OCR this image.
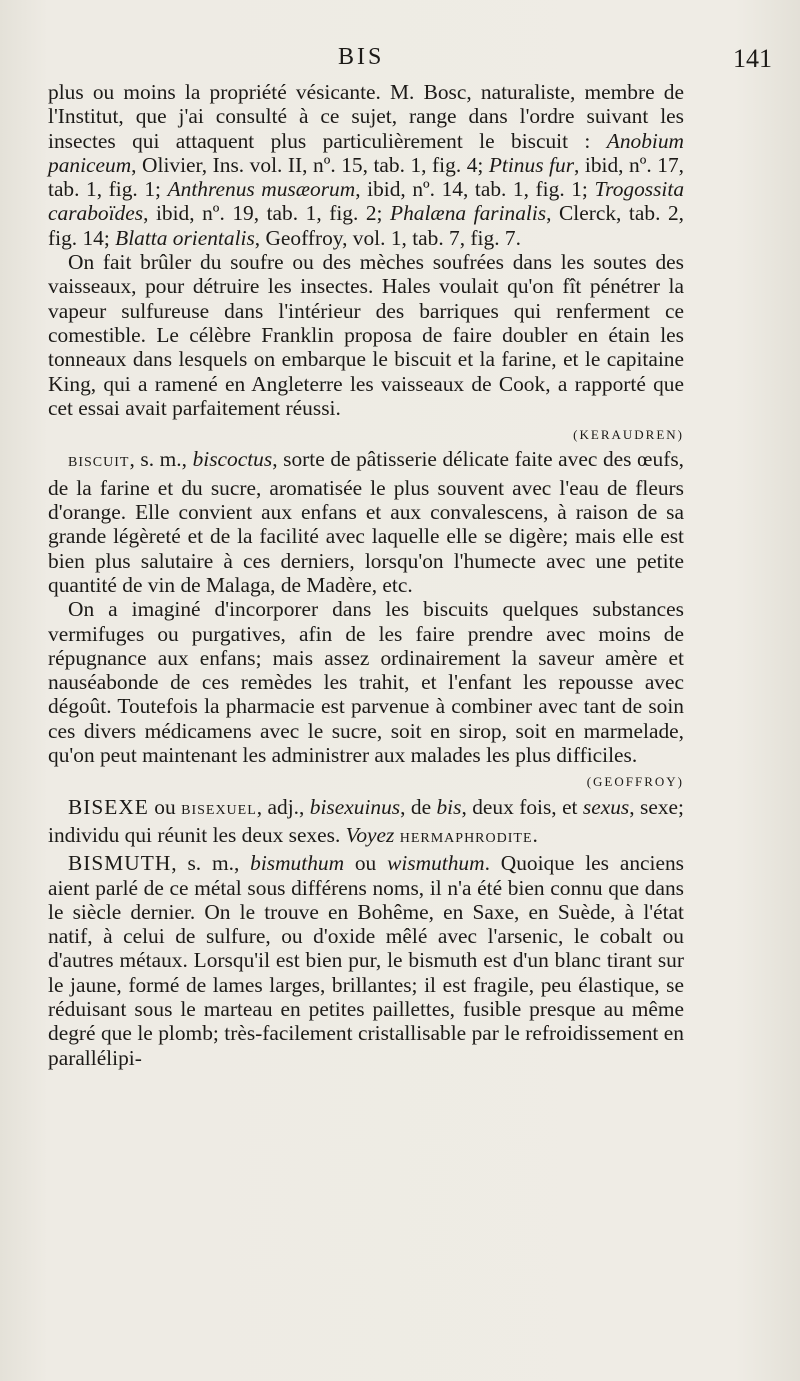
BIS	141

plus ou moins la propriété vésicante. M. Bosc, naturaliste, membre de l'Institut, que j'ai consulté à ce sujet, range dans l'ordre suivant les insectes qui attaquent plus particulièrement le biscuit : Anobium paniceum, Olivier, Ins. vol. II, nº. 15, tab. 1, fig. 4; Ptinus fur, ibid, nº. 17, tab. 1, fig. 1; Anthrenus musæorum, ibid, nº. 14, tab. 1, fig. 1; Trogossita caraboïdes, ibid, nº. 19, tab. 1, fig. 2; Phalæna farinalis, Clerck, tab. 2, fig. 14; Blatta orientalis, Geoffroy, vol. 1, tab. 7, fig. 7.

On fait brûler du soufre ou des mèches soufrées dans les soutes des vaisseaux, pour détruire les insectes. Hales voulait qu'on fît pénétrer la vapeur sulfureuse dans l'intérieur des barriques qui renferment ce comestible. Le célèbre Franklin proposa de faire doubler en étain les tonneaux dans lesquels on embarque le biscuit et la farine, et le capitaine King, qui a ramené en Angleterre les vaisseaux de Cook, a rapporté que cet essai avait parfaitement réussi.

(KERAUDREN)

BISCUIT, s. m., biscoctus, sorte de pâtisserie délicate faite avec des œufs, de la farine et du sucre, aromatisée le plus souvent avec l'eau de fleurs d'orange. Elle convient aux enfans et aux convalescens, à raison de sa grande légèreté et de la facilité avec laquelle elle se digère; mais elle est bien plus salutaire à ces derniers, lorsqu'on l'humecte avec une petite quantité de vin de Malaga, de Madère, etc.

On a imaginé d'incorporer dans les biscuits quelques substances vermifuges ou purgatives, afin de les faire prendre avec moins de répugnance aux enfans; mais assez ordinairement la saveur amère et nauséabonde de ces remèdes les trahit, et l'enfant les repousse avec dégoût. Toutefois la pharmacie est parvenue à combiner avec tant de soin ces divers médicamens avec le sucre, soit en sirop, soit en marmelade, qu'on peut maintenant les administrer aux malades les plus difficiles.

(GEOFFROY)

BISEXE ou BISEXUEL, adj., bisexuinus, de bis, deux fois, et sexus, sexe; individu qui réunit les deux sexes. Voyez HERMAPHRODITE.

BISMUTH, s. m., bismuthum ou wismuthum. Quoique les anciens aient parlé de ce métal sous différens noms, il n'a été bien connu que dans le siècle dernier. On le trouve en Bohême, en Saxe, en Suède, à l'état natif, à celui de sulfure, ou d'oxide mêlé avec l'arsenic, le cobalt ou d'autres métaux. Lorsqu'il est bien pur, le bismuth est d'un blanc tirant sur le jaune, formé de lames larges, brillantes; il est fragile, peu élastique, se réduisant sous le marteau en petites paillettes, fusible presque au même degré que le plomb; très-facilement cristallisable par le refroidissement en parallélipi-
